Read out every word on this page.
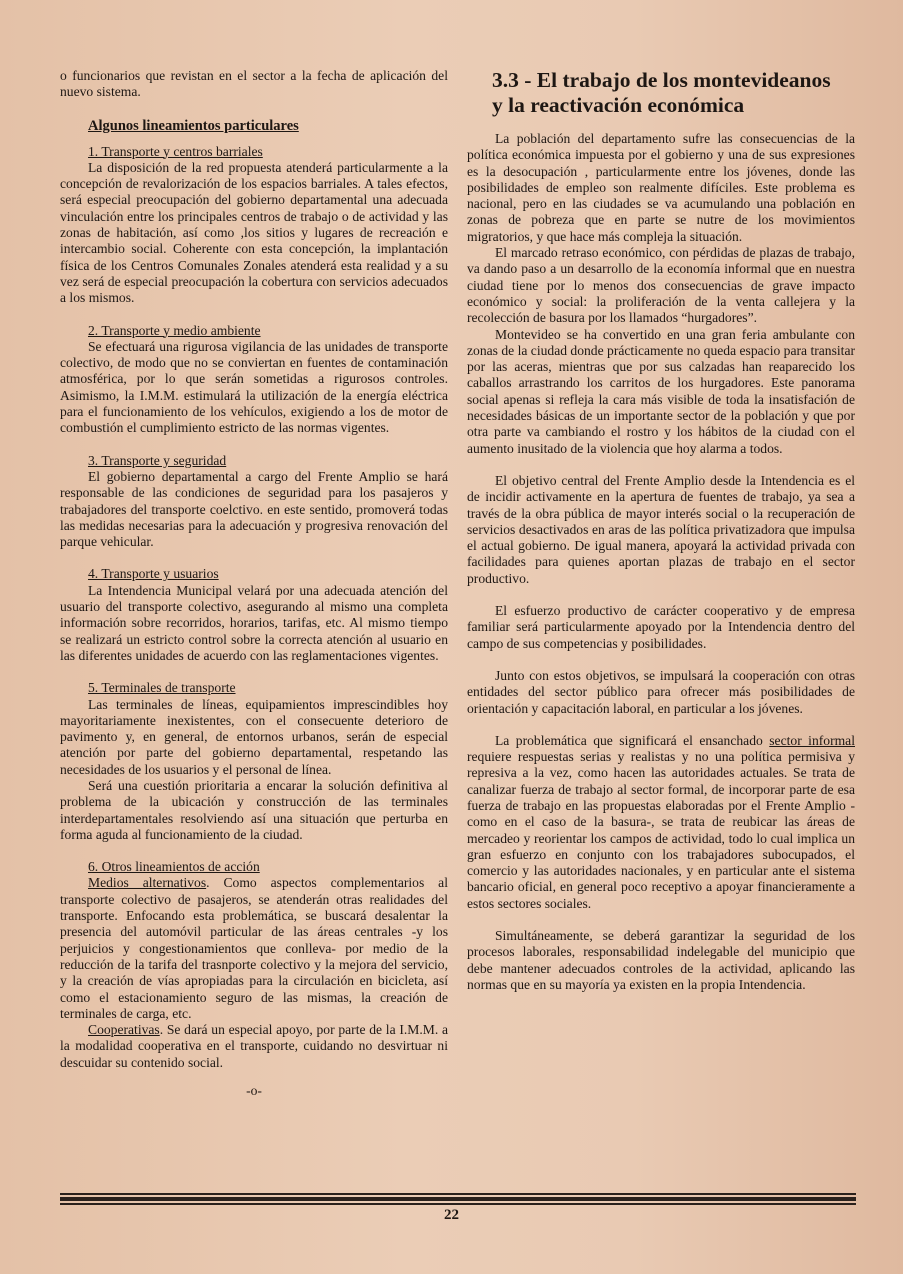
o funcionarios que revistan en el sector a la fecha de aplicación del nuevo sistema.

Algunos lineamientos particulares

1. Transporte y centros barriales

La disposición de la red propuesta atenderá particularmente a la concepción de revalorización de los espacios barriales. A tales efectos, será especial preocupación del gobierno departamental una adecuada vinculación entre los principales centros de trabajo o de actividad y las zonas de habitación, así como ,los sitios y lugares de recreación e intercambio social. Coherente con esta concepción, la implantación física de los Centros Comunales Zonales atenderá esta realidad y a su vez será de especial preocupación la cobertura con servicios adecuados a los mismos.

2. Transporte y medio ambiente

Se efectuará una rigurosa vigilancia de las unidades de transporte colectivo, de modo que no se conviertan en fuentes de contaminación atmosférica, por lo que serán sometidas a rigurosos controles. Asimismo, la I.M.M. estimulará la utilización de la energía eléctrica para el funcionamiento de los vehículos, exigiendo a los de motor de combustión el cumplimiento estricto de las normas vigentes.

3. Transporte y seguridad

El gobierno departamental a cargo del Frente Amplio se hará responsable de las condiciones de seguridad para los pasajeros y trabajadores del transporte coelctivo. en este sentido, promoverá todas las medidas necesarias para la adecuación y progresiva renovación del parque vehicular.

4. Transporte y usuarios

La Intendencia Municipal velará por una adecuada atención del usuario del transporte colectivo, asegurando al mismo una completa información sobre recorridos, horarios, tarifas, etc. Al mismo tiempo se realizará un estricto control sobre la correcta atención al usuario en las diferentes unidades de acuerdo con las reglamentaciones vigentes.

5. Terminales de transporte

Las terminales de líneas, equipamientos imprescindibles hoy mayoritariamente inexistentes, con el consecuente deterioro de pavimento y, en general, de entornos urbanos, serán de especial atención por parte del gobierno departamental, respetando las necesidades de los usuarios y el personal de línea.

Será una cuestión prioritaria a encarar la solución definitiva al problema de la ubicación y construcción de las terminales interdepartamentales resolviendo así una situación que perturba en forma aguda al funcionamiento de la ciudad.

6. Otros lineamientos de acción

Medios alternativos. Como aspectos complementarios al transporte colectivo de pasajeros, se atenderán otras realidades del transporte. Enfocando esta problemática, se buscará desalentar la presencia del automóvil particular de las áreas centrales -y los perjuicios y congestionamientos que conlleva- por medio de la reducción de la tarifa del trasnporte colectivo y la mejora del servicio, y la creación de vías apropiadas para la circulación en bicicleta, así como el estacionamiento seguro de las mismas, la creación de terminales de carga, etc.

Cooperativas. Se dará un especial apoyo, por parte de la I.M.M. a la modalidad cooperativa en el transporte, cuidando no desvirtuar ni descuidar su contenido social.

-o-

3.3 - El trabajo de los montevideanos
y la reactivación económica

La población del departamento sufre las consecuencias de la política económica impuesta por el gobierno y una de sus expresiones es la desocupación , particularmente entre los jóvenes, donde las posibilidades de empleo son realmente difíciles. Este problema es nacional, pero en las ciudades se va acumulando una población en zonas de pobreza que en parte se nutre de los movimientos migratorios, y que hace más compleja la situación.

El marcado retraso económico, con pérdidas de plazas de trabajo, va dando paso a un desarrollo de la economía informal que en nuestra ciudad tiene por lo menos dos consecuencias de grave impacto económico y social: la proliferación de la venta callejera y la recolección de basura por los llamados “hurgadores”.

Montevideo se ha convertido en una gran feria ambulante con zonas de la ciudad donde prácticamente no queda espacio para transitar por las aceras, mientras que por sus calzadas han reaparecido los caballos arrastrando los carritos de los hurgadores. Este panorama social apenas si refleja la cara más visible de toda la insatisfación de necesidades básicas de un importante sector de la población y que por otra parte va cambiando el rostro y los hábitos de la ciudad con el aumento inusitado de la violencia que hoy alarma a todos.

El objetivo central del Frente Amplio desde la Intendencia es el de incidir activamente en la apertura de fuentes de trabajo, ya sea a través de la obra pública de mayor interés social o la recuperación de servicios desactivados en aras de las política privatizadora que impulsa el actual gobierno. De igual manera, apoyará la actividad privada con facilidades para quienes aportan plazas de trabajo en el sector productivo.

El esfuerzo productivo de carácter cooperativo y de empresa familiar será particularmente apoyado por la Intendencia dentro del campo de sus competencias y posibilidades.

Junto con estos objetivos, se impulsará la cooperación con otras entidades del sector público para ofrecer más posibilidades de orientación y capacitación laboral, en particular a los jóvenes.

La problemática que significará el ensanchado sector informal requiere respuestas serias y realistas y no una política permisiva y represiva a la vez, como hacen las autoridades actuales. Se trata de canalizar fuerza de trabajo al sector formal, de incorporar parte de esa fuerza de trabajo en las propuestas elaboradas por el Frente Amplio -como en el caso de la basura-, se trata de reubicar las áreas de mercadeo y reorientar los campos de actividad, todo lo cual implica un gran esfuerzo en conjunto con los trabajadores subocupados, el comercio y las autoridades nacionales, y en particular ante el sistema bancario oficial, en general poco receptivo a apoyar financieramente a estos sectores sociales.

Simultáneamente, se deberá garantizar la seguridad de los procesos laborales, responsabilidad indelegable del municipio que debe mantener adecuados controles de la actividad, aplicando las normas que en su mayoría ya existen en la propia Intendencia.

22
